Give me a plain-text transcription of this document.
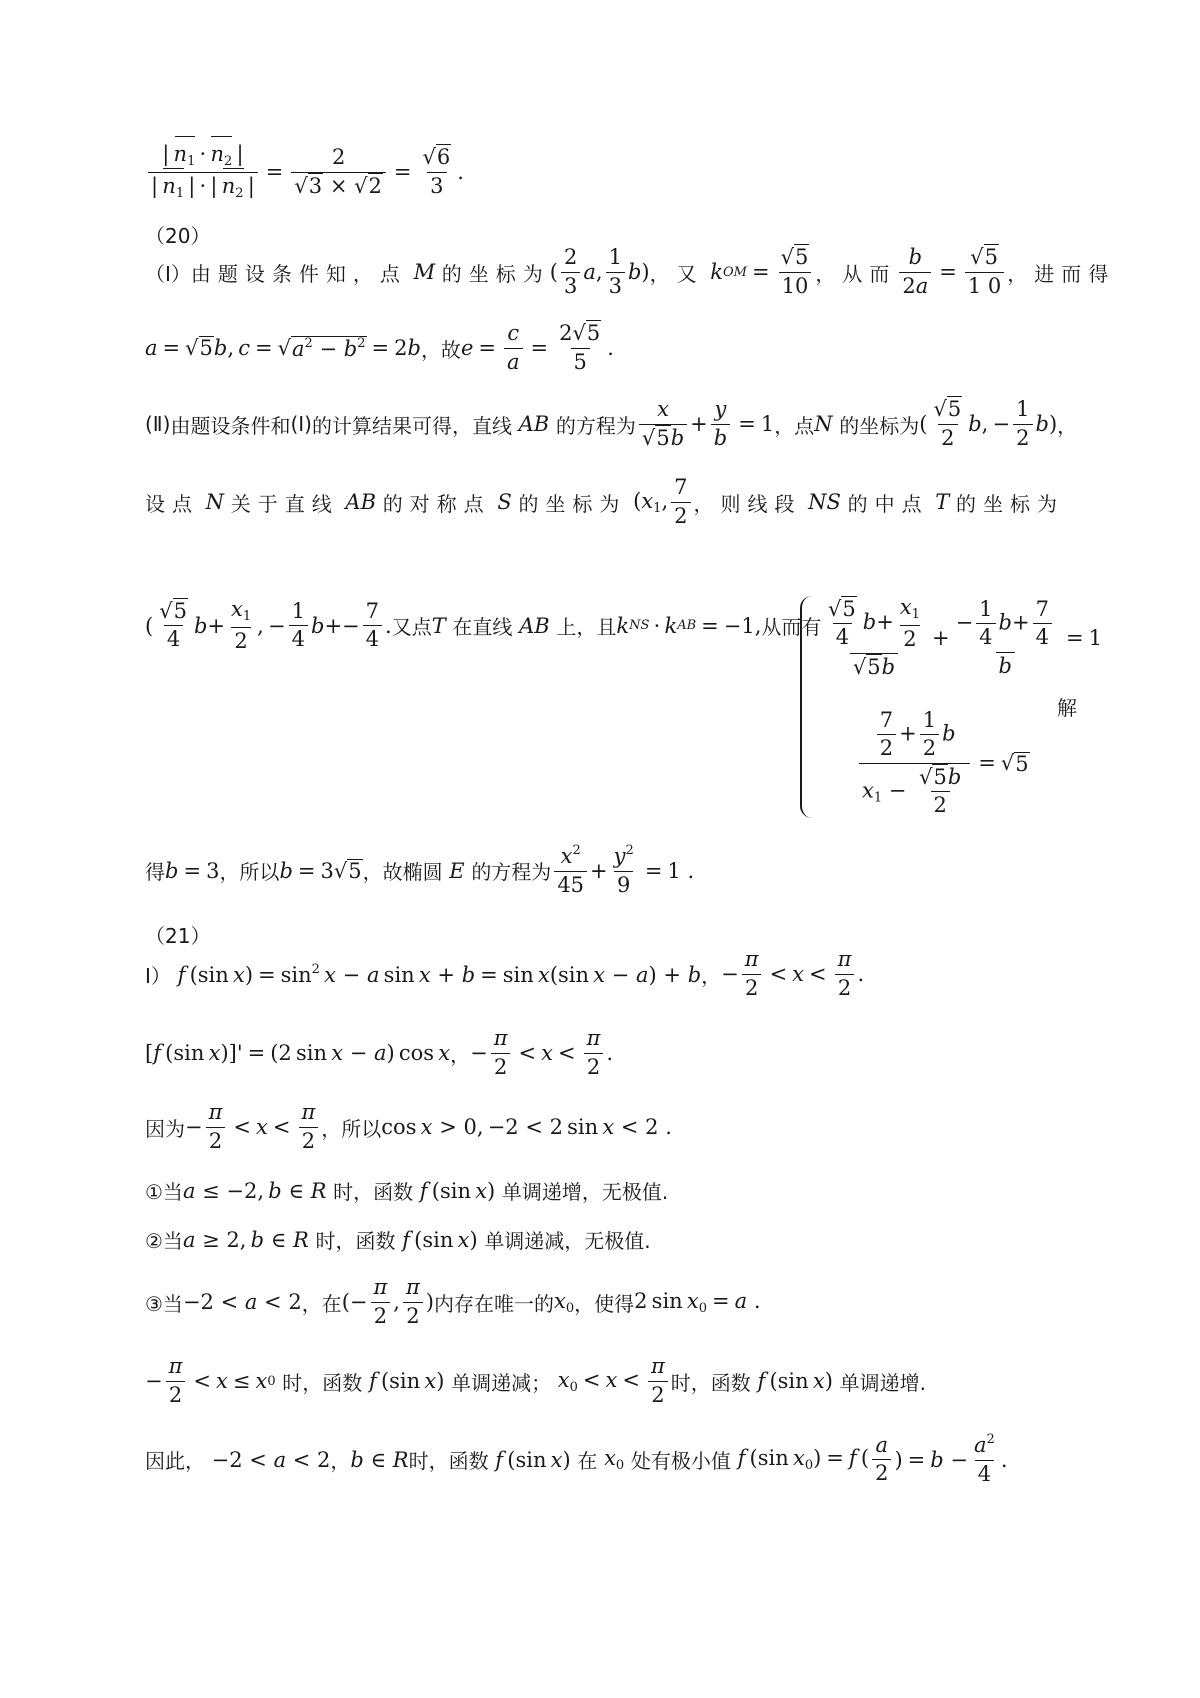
$\frac{| n_1 \cdot n_2 |}{| n_1 | \cdot | n_2 |} = \frac{2}{√3 \times √2} = \frac{√6}{3}$ .
（20）
（Ⅰ） 由题设条件知，点 M 的坐标为 (
2
3
a ,
1
3
b ) ，又 k OM = $\frac{√5}{10}$ ，从而 $\frac{b}{2a} = \frac{√5}{1 0}$ ，进而得
a = √ 5 b ,  c = √ $a^2 - b^2 = 2$ b ，故 $e = \frac{c}{a} = \frac{2√5}{5}$ .
(Ⅱ) 由题设条件和 (Ⅰ) 的计算结果可得，直线 AB 的方程为
x
√5b
+ $\frac{y}{b} = 1$ ，点 N 的坐标为 (
√5
2
b , −
1
2
b ) ，
设点 N 关于直线 AB 的对称点 S 的坐标为 ($x_1$,
7
2 ，则线段 NS 的中点 T 的坐标为
(
√5
4
b +
$x_1$
2
, −
1
4
b +−
7
4
. 又点 T 在直线 AB 上，且 k NS  ·  k AB = −1, 从而有 $\frac{√5}{4} b+ \frac{x_1}{2}$
√5b
+ $\frac{- \frac{1}{4} b+ \frac{7}{4}}{b} = 1$
$\frac{\frac{7}{2} + \frac{1}{2} b}{x_1 - \frac{√5b}{2}}$ = √ 5
解
得 b = 3 ，所以 b = 3√ 5 ，故椭圆 E 的方程为
$x^2$
45
+ $\frac{y^2}{9} = 1$ .
（21）
Ⅰ） f (sin $x) = \sin^2 x - a$ sin x + b = sin x(sin x − a) + b ， −
π
2
< x <
π
2
.
[f (sin x)]' = (2 sin x − a) cos x ， −
π
2
< x <
π
2
.
因为 −
π
2
< x <
π
2 ，所以 cos x > 0, −2 < 2 sin x < 2 .
①当 a ≤ −2, b ∈ R 时，函数 f (sin x) 单调递增，无极值.
②当 a ≥ 2, b ∈ R 时，函数 f (sin x) 单调递减，无极值.
③当 −2 < a < 2 ，在 (− $\frac{\pi}{2}$ ,
π
2
) 内存在唯一的 $x_0$ ，使得 2 $\sin x_0 = a$ .
−
π
2
< x ≤ x 0
时，函数 f (sin x) 单调递减； $x_0 < x$ <
π
2 时，函数 f (sin x) 单调递增.
因此， −2 < a < 2 ， b ∈ R 时，函数 f (sin x) 在 $x_0$ 处有极小值 f (sin $x_0) = f$ (
a
2
) = $b - \frac{a^2}{4}$ .
